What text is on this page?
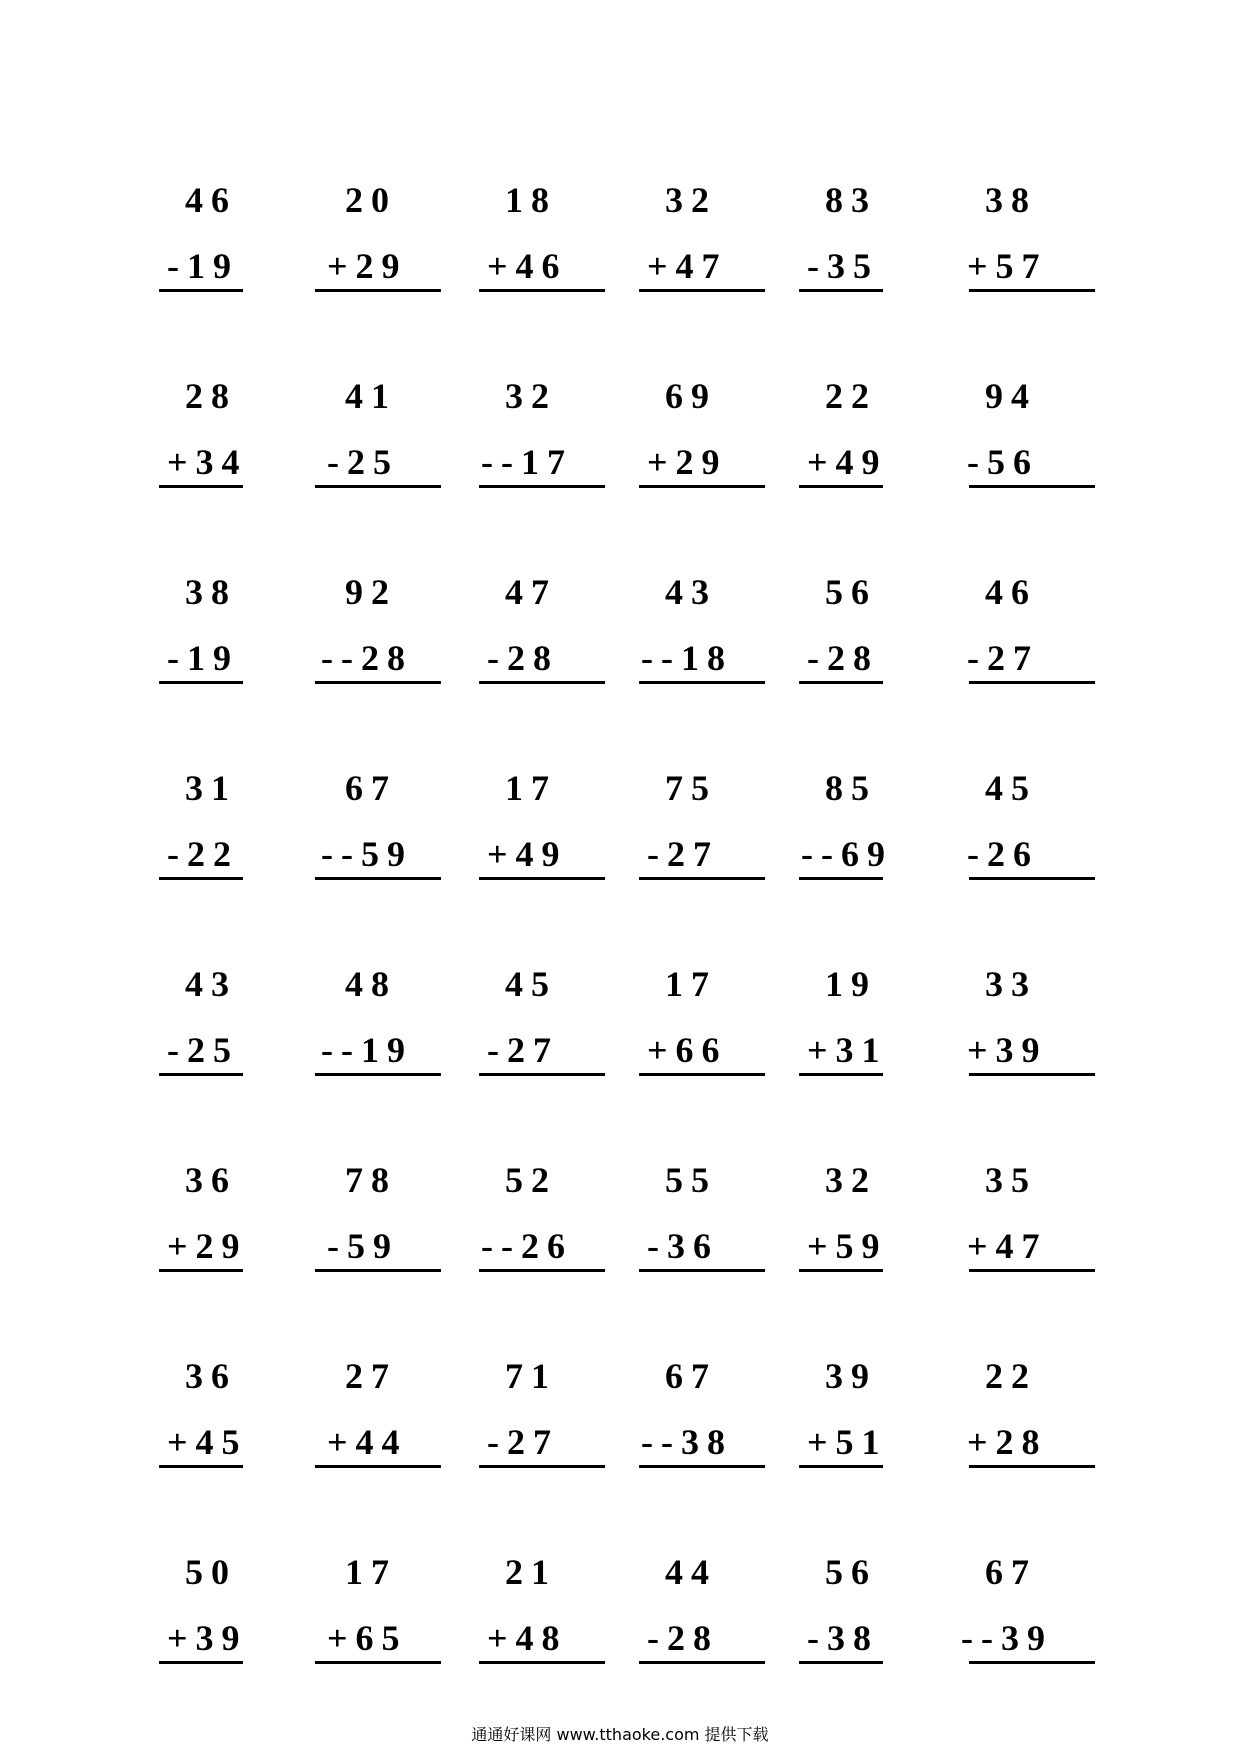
46
-19
20
+29
18
+46
32
+47
83
-35
38
+57
28
+34
41
-25
32
--17
69
+29
22
+49
94
-56
38
-19
92
--28
47
-28
43
--18
56
-28
46
-27
31
-22
67
--59
17
+49
75
-27
85
--69
45
-26
43
-25
48
--19
45
-27
17
+66
19
+31
33
+39
36
+29
78
-59
52
--26
55
-36
32
+59
35
+47
36
+45
27
+44
71
-27
67
--38
39
+51
22
+28
50
+39
17
+65
21
+48
44
-28
56
-38
67
--39
通通好课网 www.tthaoke.com 提供下载
